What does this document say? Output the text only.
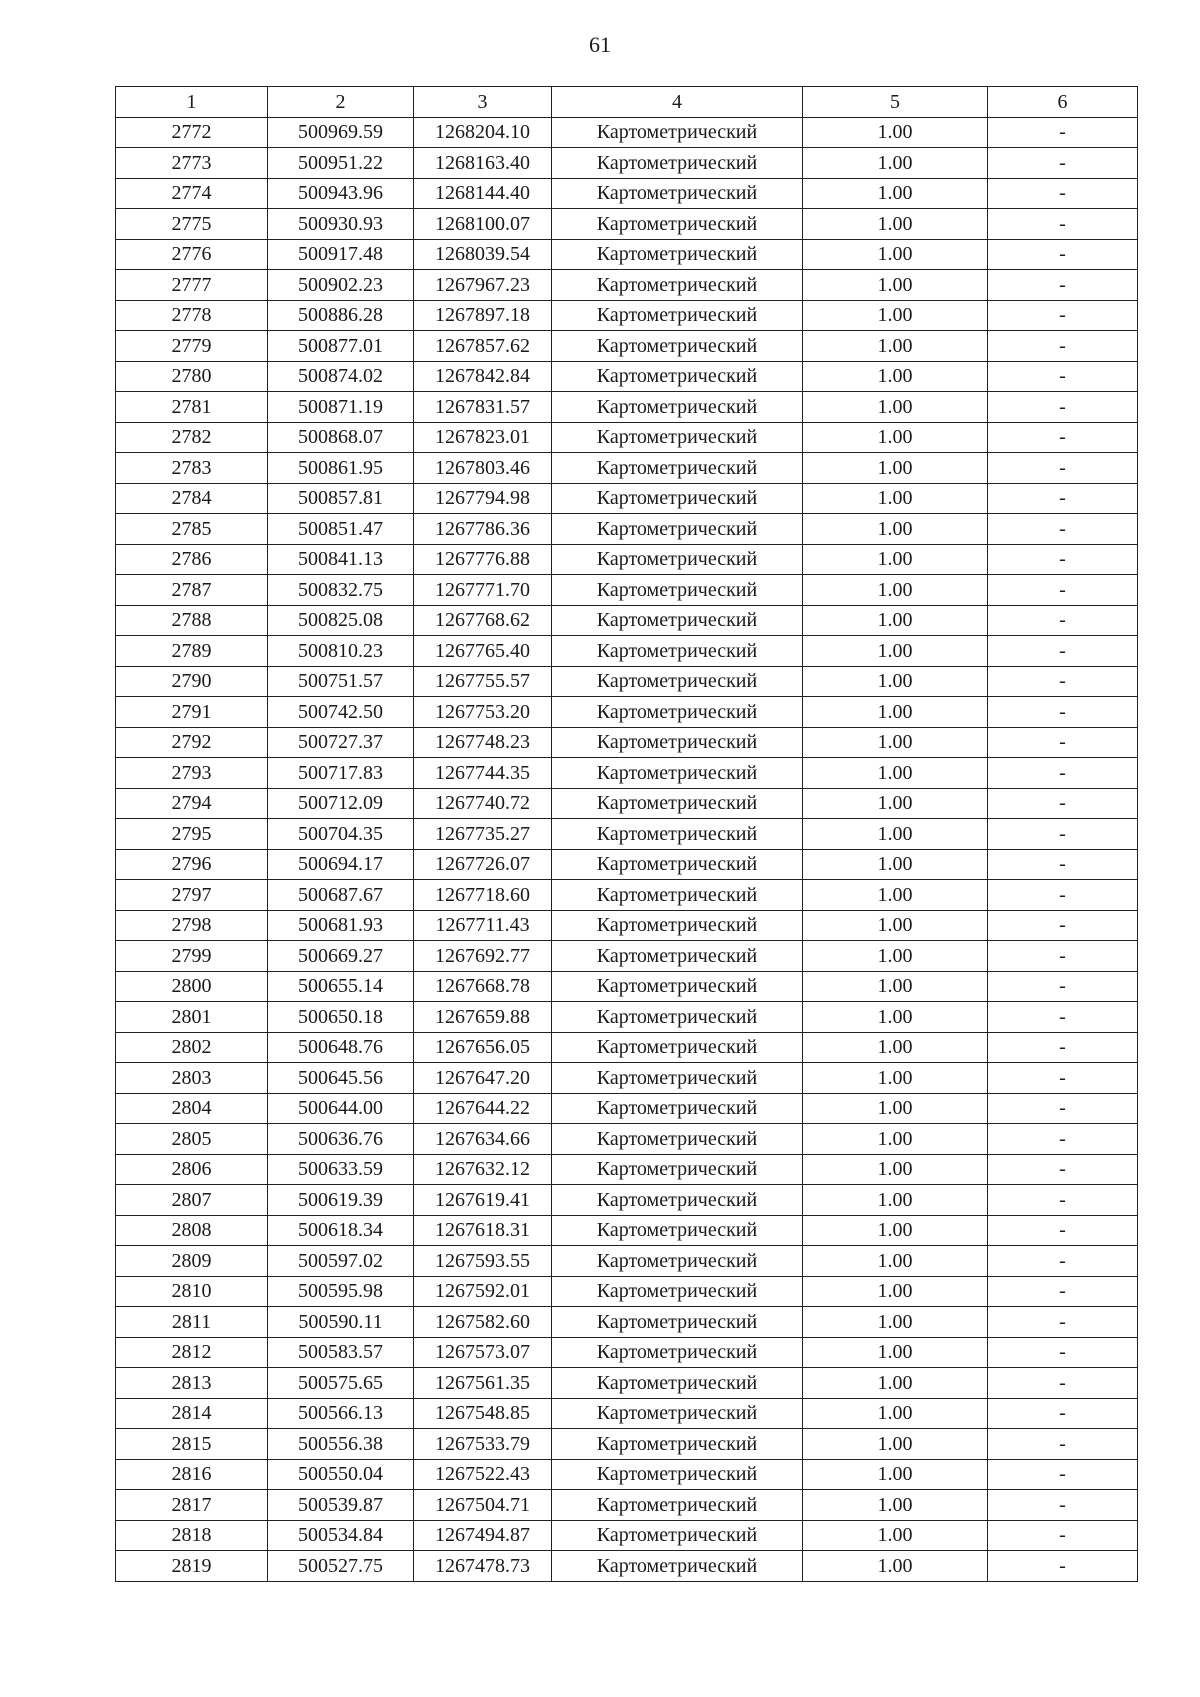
61
1	2	3	4	5	6
2772	500969.59	1268204.10	Картометрический	1.00	-
2773	500951.22	1268163.40	Картометрический	1.00	-
2774	500943.96	1268144.40	Картометрический	1.00	-
2775	500930.93	1268100.07	Картометрический	1.00	-
2776	500917.48	1268039.54	Картометрический	1.00	-
2777	500902.23	1267967.23	Картометрический	1.00	-
2778	500886.28	1267897.18	Картометрический	1.00	-
2779	500877.01	1267857.62	Картометрический	1.00	-
2780	500874.02	1267842.84	Картометрический	1.00	-
2781	500871.19	1267831.57	Картометрический	1.00	-
2782	500868.07	1267823.01	Картометрический	1.00	-
2783	500861.95	1267803.46	Картометрический	1.00	-
2784	500857.81	1267794.98	Картометрический	1.00	-
2785	500851.47	1267786.36	Картометрический	1.00	-
2786	500841.13	1267776.88	Картометрический	1.00	-
2787	500832.75	1267771.70	Картометрический	1.00	-
2788	500825.08	1267768.62	Картометрический	1.00	-
2789	500810.23	1267765.40	Картометрический	1.00	-
2790	500751.57	1267755.57	Картометрический	1.00	-
2791	500742.50	1267753.20	Картометрический	1.00	-
2792	500727.37	1267748.23	Картометрический	1.00	-
2793	500717.83	1267744.35	Картометрический	1.00	-
2794	500712.09	1267740.72	Картометрический	1.00	-
2795	500704.35	1267735.27	Картометрический	1.00	-
2796	500694.17	1267726.07	Картометрический	1.00	-
2797	500687.67	1267718.60	Картометрический	1.00	-
2798	500681.93	1267711.43	Картометрический	1.00	-
2799	500669.27	1267692.77	Картометрический	1.00	-
2800	500655.14	1267668.78	Картометрический	1.00	-
2801	500650.18	1267659.88	Картометрический	1.00	-
2802	500648.76	1267656.05	Картометрический	1.00	-
2803	500645.56	1267647.20	Картометрический	1.00	-
2804	500644.00	1267644.22	Картометрический	1.00	-
2805	500636.76	1267634.66	Картометрический	1.00	-
2806	500633.59	1267632.12	Картометрический	1.00	-
2807	500619.39	1267619.41	Картометрический	1.00	-
2808	500618.34	1267618.31	Картометрический	1.00	-
2809	500597.02	1267593.55	Картометрический	1.00	-
2810	500595.98	1267592.01	Картометрический	1.00	-
2811	500590.11	1267582.60	Картометрический	1.00	-
2812	500583.57	1267573.07	Картометрический	1.00	-
2813	500575.65	1267561.35	Картометрический	1.00	-
2814	500566.13	1267548.85	Картометрический	1.00	-
2815	500556.38	1267533.79	Картометрический	1.00	-
2816	500550.04	1267522.43	Картометрический	1.00	-
2817	500539.87	1267504.71	Картометрический	1.00	-
2818	500534.84	1267494.87	Картометрический	1.00	-
2819	500527.75	1267478.73	Картометрический	1.00	-
